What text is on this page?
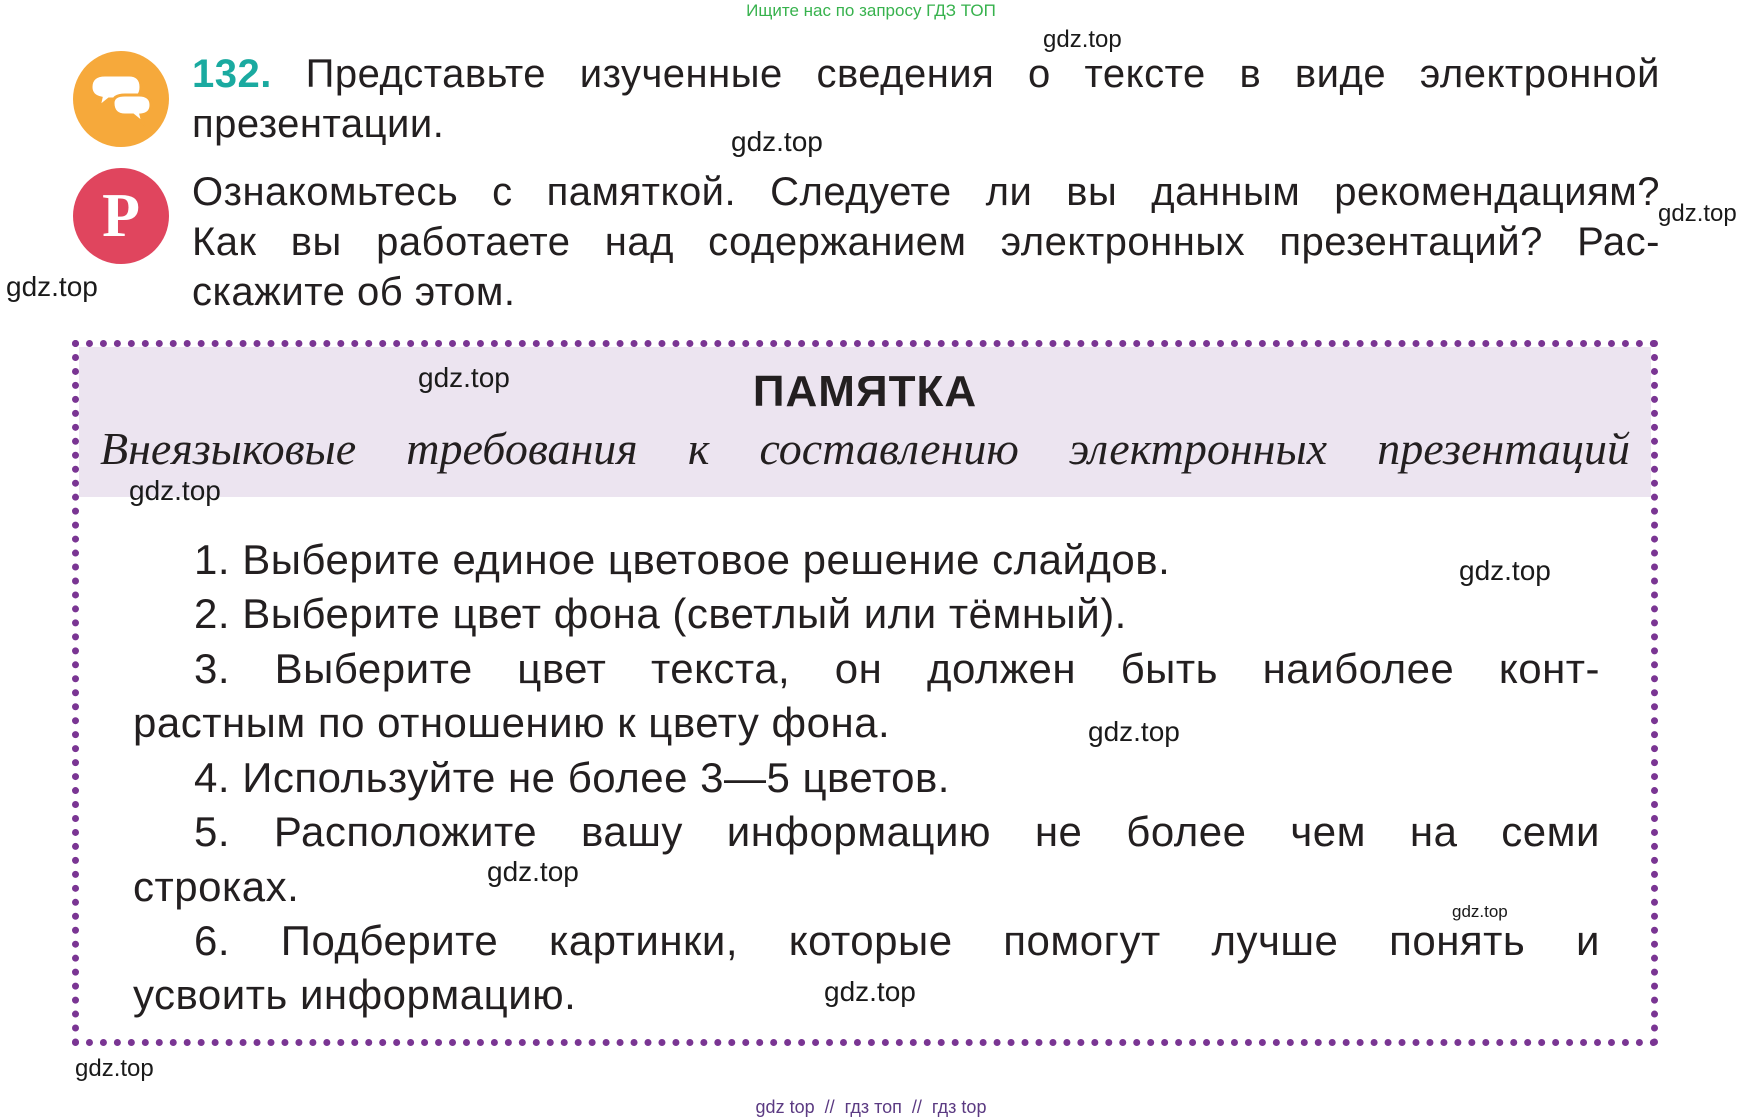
Ищите нас по запросу ГДЗ ТОП
Р
132. Представьте изученные сведения о тексте в виде электронной
презентации.
Ознакомьтесь с памяткой. Следуете ли вы данным рекомендациям?
Как вы работаете над содержанием электронных презентаций? Рас-
скажите об этом.
ПАМЯТКА
Внеязыковые требования к составлению электронных презентаций
1. Выберите единое цветовое решение слайдов.
2. Выберите цвет фона (светлый или тёмный).
3. Выберите цвет текста, он должен быть наиболее конт-
растным по отношению к цвету фона.
4. Используйте не более 3—5 цветов.
5. Расположите вашу информацию не более чем на семи
строках.
6. Подберите картинки, которые помогут лучше понять и
усвоить информацию.
gdz.top
gdz.top
gdz.top
gdz.top
gdz.top
gdz.top
gdz.top
gdz.top
gdz.top
gdz.top
gdz.top
gdz.top
gdz top  //  гдз топ  //  гдз top
